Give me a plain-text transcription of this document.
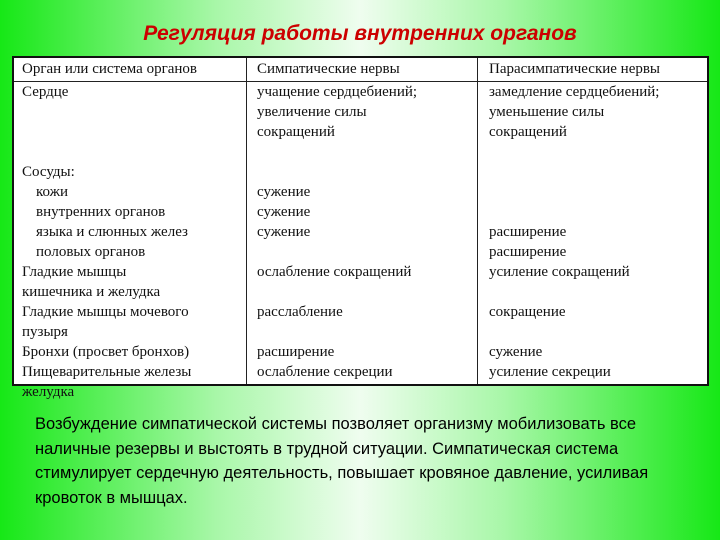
Регуляция работы внутренних органов
Орган или система органов
Сердце
Сосуды:
кожи
внутренних органов
языка и слюнных желез
половых органов
Гладкие мышцы
кишечника и желудка
Гладкие мышцы мочевого
пузыря
Бронхи (просвет бронхов)
Пищеварительные железы
желудка
Симпатические нервы
учащение сердцебиений;
увеличение силы
сокращений
сужение
сужение
сужение
ослабление сокращений
расслабление
расширение
ослабление секреции
Парасимпатические нервы
замедление сердцебиений;
уменьшение силы
сокращений
расширение
расширение
усиление сокращений
сокращение
сужение
усиление секреции
Возбуждение симпатической системы позволяет организму мобилизовать все наличные резервы и выстоять в трудной ситуации. Симпатическая система стимулирует сердечную деятельность, повышает кровяное давление, усиливая кровоток в мышцах.
